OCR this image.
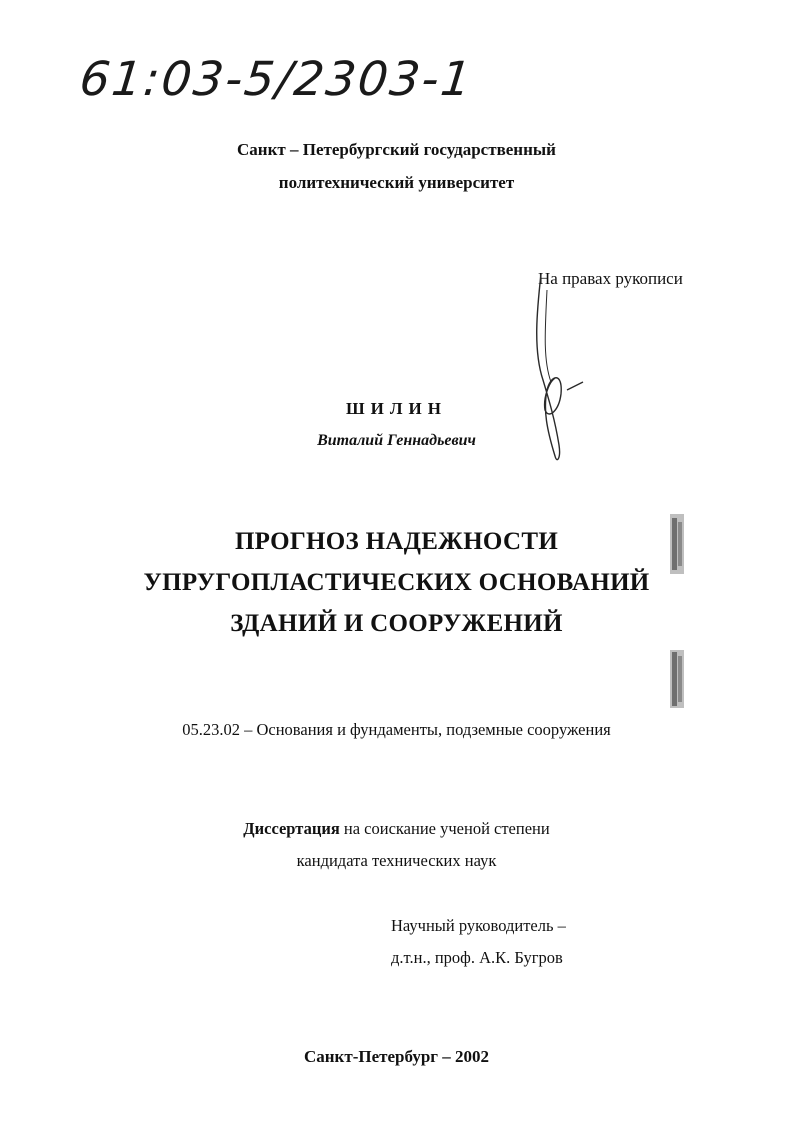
61:03-5/2303-1
Санкт – Петербургский государственный
политехнический университет
На правах рукописи
ШИЛИН
Виталий Геннадьевич
ПРОГНОЗ НАДЕЖНОСТИ
УПРУГОПЛАСТИЧЕСКИХ ОСНОВАНИЙ
ЗДАНИЙ И СООРУЖЕНИЙ
05.23.02 – Основания и фундаменты, подземные сооружения
Диссертация на соискание ученой степени
кандидата технических наук
Научный руководитель –
д.т.н., проф. А.К. Бугров
Санкт-Петербург – 2002
